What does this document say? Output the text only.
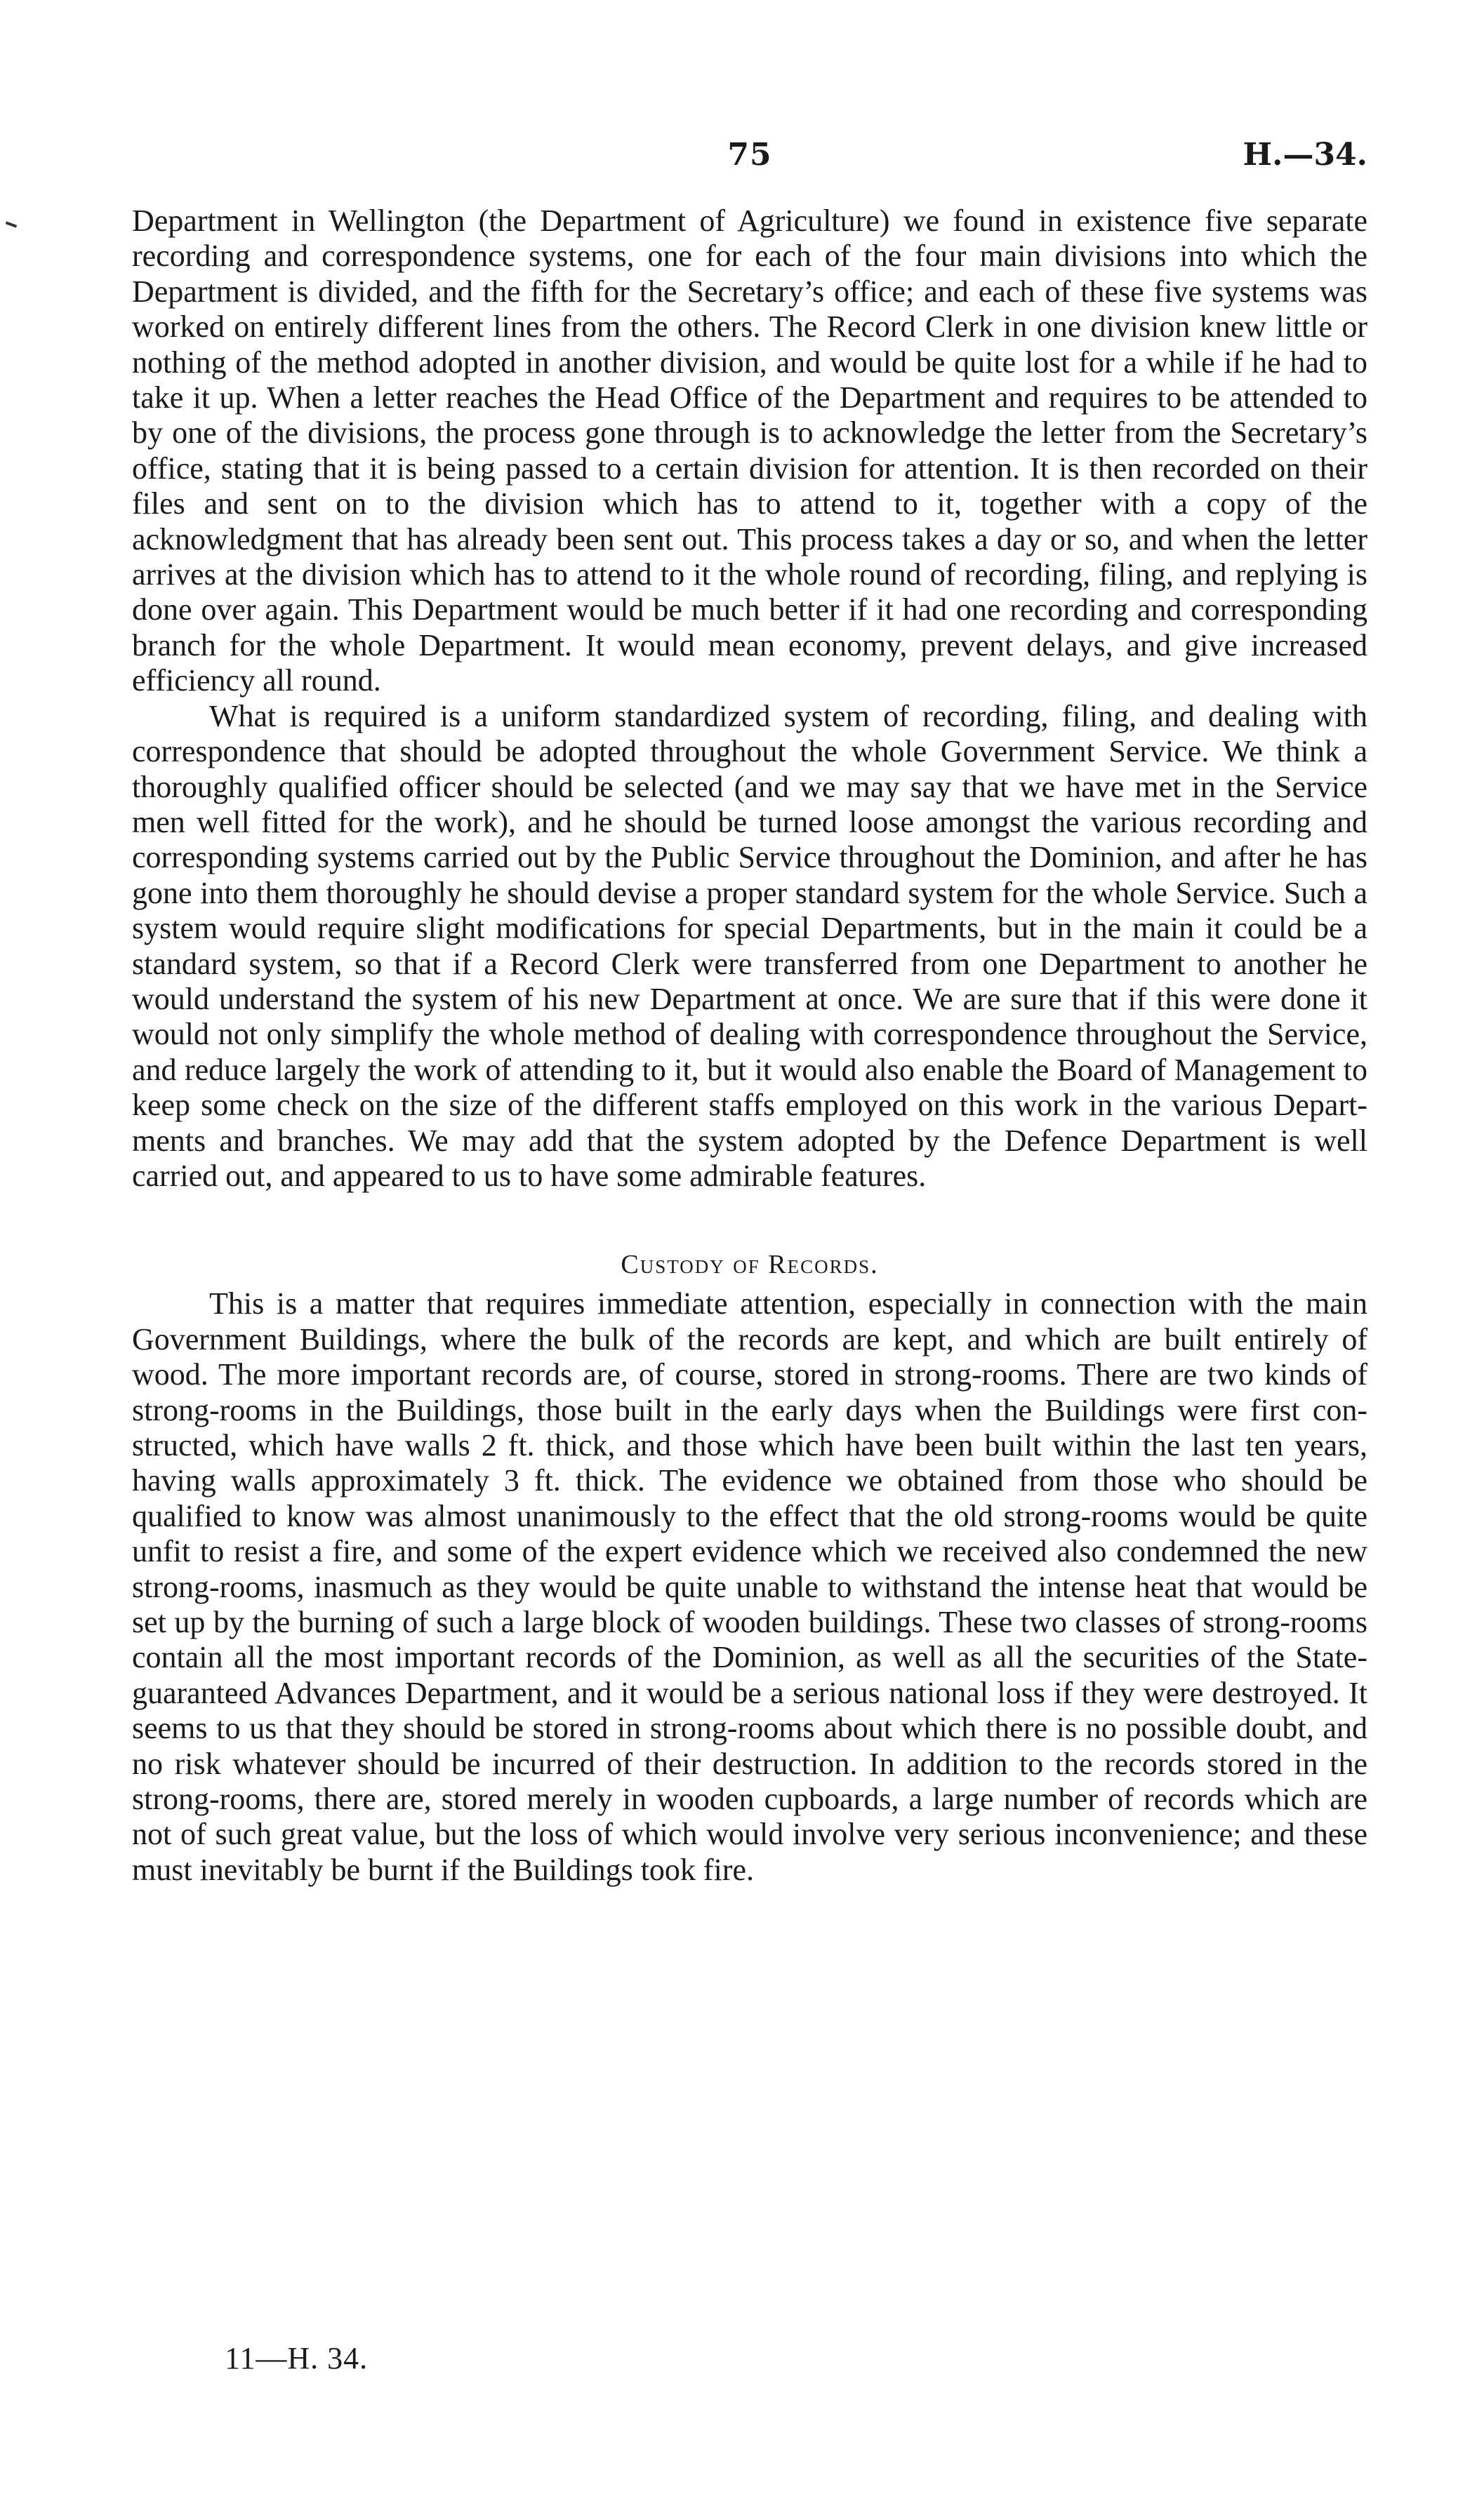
75	H.—34.

Department in Wellington (the Department of Agriculture) we found in existence five separate recording and correspondence systems, one for each of the four main divisions into which the Department is divided, and the fifth for the Secretary’s office; and each of these five systems was worked on entirely different lines from the others. The Record Clerk in one division knew little or nothing of the method adopted in another division, and would be quite lost for a while if he had to take it up. When a letter reaches the Head Office of the Department and requires to be attended to by one of the divisions, the process gone through is to acknowledge the letter from the Secretary’s office, stating that it is being passed to a certain division for attention. It is then recorded on their files and sent on to the division which has to attend to it, together with a copy of the acknowledgment that has already been sent out. This process takes a day or so, and when the letter arrives at the division which has to attend to it the whole round of recording, filing, and replying is done over again. This Department would be much better if it had one recording and corresponding branch for the whole Department. It would mean economy, prevent delays, and give increased efficiency all round.

What is required is a uniform standardized system of recording, filing, and dealing with correspondence that should be adopted throughout the whole Government Service. We think a thoroughly qualified officer should be selected (and we may say that we have met in the Service men well fitted for the work), and he should be turned loose amongst the various recording and corresponding systems carried out by the Public Service throughout the Dominion, and after he has gone into them thoroughly he should devise a proper standard system for the whole Service. Such a system would require slight modifications for special Departments, but in the main it could be a standard system, so that if a Record Clerk were transferred from one Department to another he would understand the system of his new Department at once. We are sure that if this were done it would not only simplify the whole method of dealing with correspondence throughout the Service, and reduce largely the work of attending to it, but it would also enable the Board of Management to keep some check on the size of the different staffs employed on this work in the various Departments and branches. We may add that the system adopted by the Defence Department is well carried out, and appeared to us to have some admirable features.

Custody of Records.

This is a matter that requires immediate attention, especially in connection with the main Government Buildings, where the bulk of the records are kept, and which are built entirely of wood. The more important records are, of course, stored in strong-rooms. There are two kinds of strong-rooms in the Buildings, those built in the early days when the Buildings were first constructed, which have walls 2 ft. thick, and those which have been built within the last ten years, having walls approximately 3 ft. thick. The evidence we obtained from those who should be qualified to know was almost unanimously to the effect that the old strong-rooms would be quite unfit to resist a fire, and some of the expert evidence which we received also condemned the new strong-rooms, inasmuch as they would be quite unable to withstand the intense heat that would be set up by the burning of such a large block of wooden buildings. These two classes of strong-rooms contain all the most important records of the Dominion, as well as all the securities of the State-guaranteed Advances Department, and it would be a serious national loss if they were destroyed. It seems to us that they should be stored in strong-rooms about which there is no possible doubt, and no risk whatever should be incurred of their destruction. In addition to the records stored in the strong-rooms, there are, stored merely in wooden cupboards, a large number of records which are not of such great value, but the loss of which would involve very serious inconvenience; and these must inevitably be burnt if the Buildings took fire.

11—H. 34.
